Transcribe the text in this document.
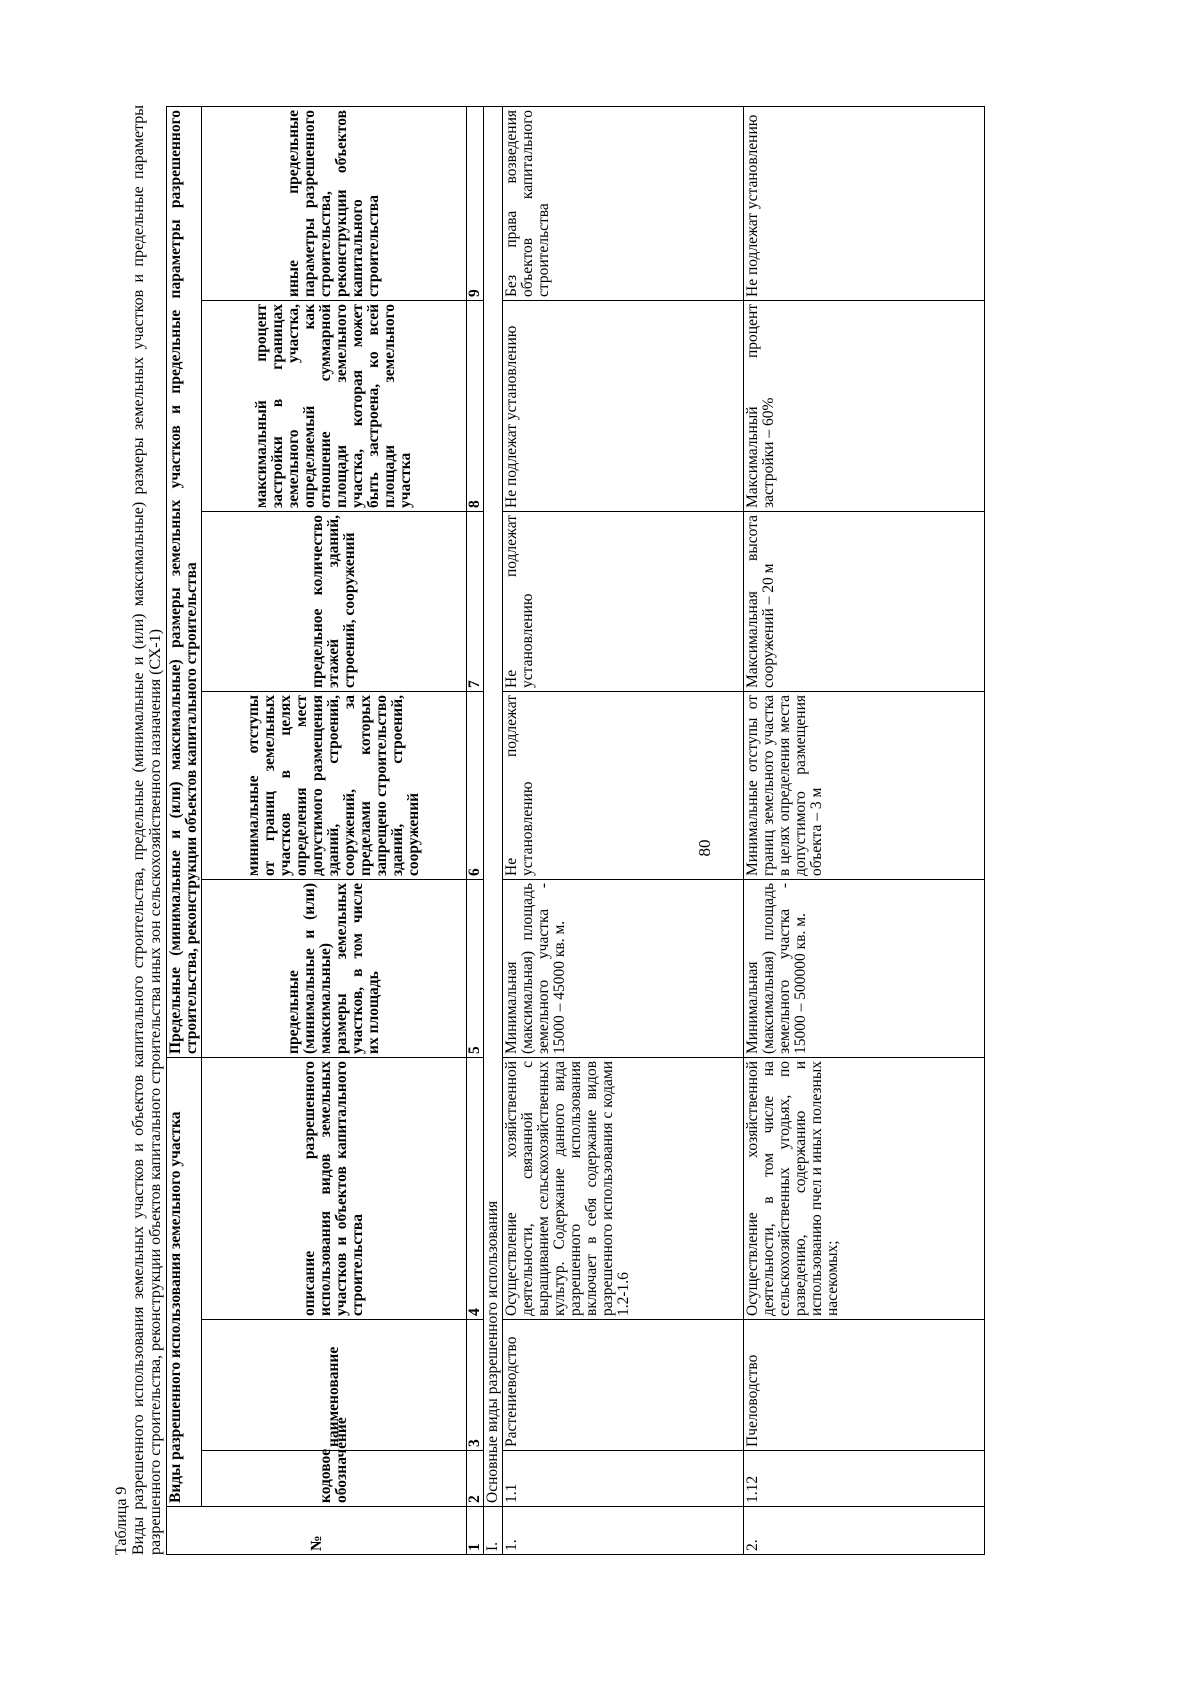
80
Таблица 9 Виды разрешенного использования земельных участков и объектов капитального строительства, предельные (минимальные и (или) максимальные) размеры земельных участков и предельные параметры разрешенного строительства, реконструкции объектов капитального строительства иных зон сельскохозяйственного назначения (СХ-1)	№	Виды разрешенного использования земельного участка			Предельные (минимальные и (или) максимальные) размеры земельных участков и предельные параметры разрешенного строительства, реконструкции объектов капитального строительства				

	кодовое обозначение	наименование	описание разрешенного использования видов земельных участков и объектов капитального строительства	предельные (минимальные и (или) максимальные) размеры земельных участков, в том числе их площадь	минимальные отступы от границ земельных участков в целях определения мест допустимого размещения зданий, строений, сооружений, за пределами которых запрещено строительство зданий, строений, сооружений	предельное количество этажей зданий, строений, сооружений	максимальный процент застройки в границах земельного участка, определяемый как отношение суммарной площади земельного участка, которая может быть застроена, ко всей площади земельного участка	иные предельные параметры разрешенного строительства, реконструкции объектов капитального строительства

1	2	3	4	5	6	7	8	9
I.	Основные виды разрешенного использования							
1.	1.1	Растениеводство	Осуществление хозяйственной деятельности, связанной с выращиванием сельскохозяйственных культур. Содержание данного вида разрешенного использования включает в себя содержание видов разрешенного использования с кодами 1.2-1.6	Минимальная (максимальная) площадь земельного участка - 15000 – 45000 кв. м.	Не подлежат установлению	Не подлежат установлению	Не подлежат установлению	Без права возведения объектов капитального строительства
2.	1.12	Пчеловодство	Осуществление хозяйственной деятельности, в том числе на сельскохозяйственных угодьях, по разведению, содержанию и использованию пчел и иных полезных насекомых;	Минимальная (максимальная) площадь земельного участка - 15000 – 500000 кв. м.	Минимальные отступы от границ земельного участка в целях определения места допустимого размещения объекта – 3 м	Максимальная высота сооружений – 20 м	Максимальный процент застройки – 60%	Не подлежат установлению
